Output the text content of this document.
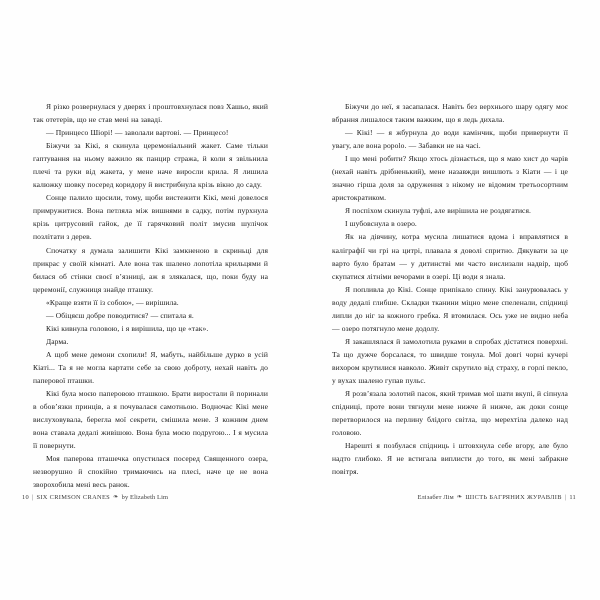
Я різко розвернулася у дверях і проштовхнулася повз Хашьо, який так отетерів, що не став мені на заваді.

— Принцесо Шіорі! — заволали вартові. — Принцесо!

Біжучи за Кікі, я скинула церемоніальний жакет. Саме тільки гаптування на ньому важило як панцир стража, й коли я звільнила плечі та руки від жакета, у мене наче виросли крила. Я лишила калюжку шовку посеред коридору й вистрибнула крізь вікно до саду.

Сонце палило щосили, тому, щоби вистежити Кікі, мені довелося примружитися. Вона петляла між вишнями в садку, потім пурхнула крізь цитрусовий гайок, де її гарячковий політ змусив шулічок позлітати з дерев.

Спочатку я думала залишити Кікі замкненою в скриньці для прикрас у своїй кімнаті. Але вона так шалено лопотіла крильцями й билася об стінки своєї в’язниці, аж я злякалася, що, поки буду на церемонії, служниця знайде пташку.

«Краще взяти її із собою», — вирішила.

— Обіцяєш добре поводитися? — спитала я.

Кікі кивнула головою, і я вирішила, що це «так».

Дарма.

А щоб мене демони схопили! Я, мабуть, найбільше дурко в усій Кіаті... Та я не могла картати себе за свою доброту, нехай навіть до паперової пташки.

Кікі була моєю паперовою пташкою. Брати виростали й поринали в обов’язки принців, а я почувалася самотньою. Водночас Кікі мене вислуховувала, берегла мої секрети, смішила мене. З кожним днем вона ставала дедалі живішою. Вона була моєю подругою... І я мусила її повернути.

Моя паперова пташечка опустилася посеред Священного озера, незворушно й спокійно тримаючись на плесі, наче це не вона зворохобила мені весь ранок.

10 | SIX CRIMSON CRANES ❧ by Elizabeth Lim

Біжучи до неї, я засапалася. Навіть без верхнього шару одягу моє вбрання лишалося таким важким, що я ледь дихала.

— Кікі! — я жбурнула до води камінчик, щоби привернути її увагу, але вона popolo. — Забавки не на часі.

І що мені робити? Якщо хтось дізнається, що я маю хист до чарів (нехай навіть дрібненький), мене назавжди вишлють з Кіати — і це значно гірша доля за одруження з нікому не відомим третьосортним аристократиком.

Я поспіхом скинула туфлі, але вирішила не роздягатися.

І шубовснула в озеро.

Як на дівчину, котра мусила лишатися вдома і вправлятися в каліграфії чи грі на цитрі, плавала я доволі спритно. Дякувати за це варто було братам — у дитинстві ми часто вислизали надвір, щоб скупатися літніми вечорами в озері. Ці води я знала.

Я попливла до Кікі. Сонце припікало спину. Кікі занурювалась у воду дедалі глибше. Складки тканини міцно мене спеленали, спідниці липли до ніг за кожного гребка. Я втомилася. Ось уже не видно неба — озеро потягнуло мене додолу.

Я закашлялася й замолотила руками в спробах дістатися поверхні. Та що дужче борсалася, то швидше тонула. Мої довгі чорні кучері вихором крутилися навколо. Живіт скрутило від страху, в горлі пекло, у вухах шалено гупав пульс.

Я розв’язала золотий пасок, який тримав мої шати вкупі, й сіпнула спідниці, проте вони тягнули мене нижче й нижче, аж доки сонце перетворилося на перлину блідого світла, що мерехтіла далеко над головою.

Нарешті я позбулася спідниць і штовхнула себе вгору, але було надто глибоко. Я не встигала виплисти до того, як мені забракне повітря.

Елізабет Лім ❧ ШІСТЬ БАГРЯНИХ ЖУРАВЛІВ | 11
